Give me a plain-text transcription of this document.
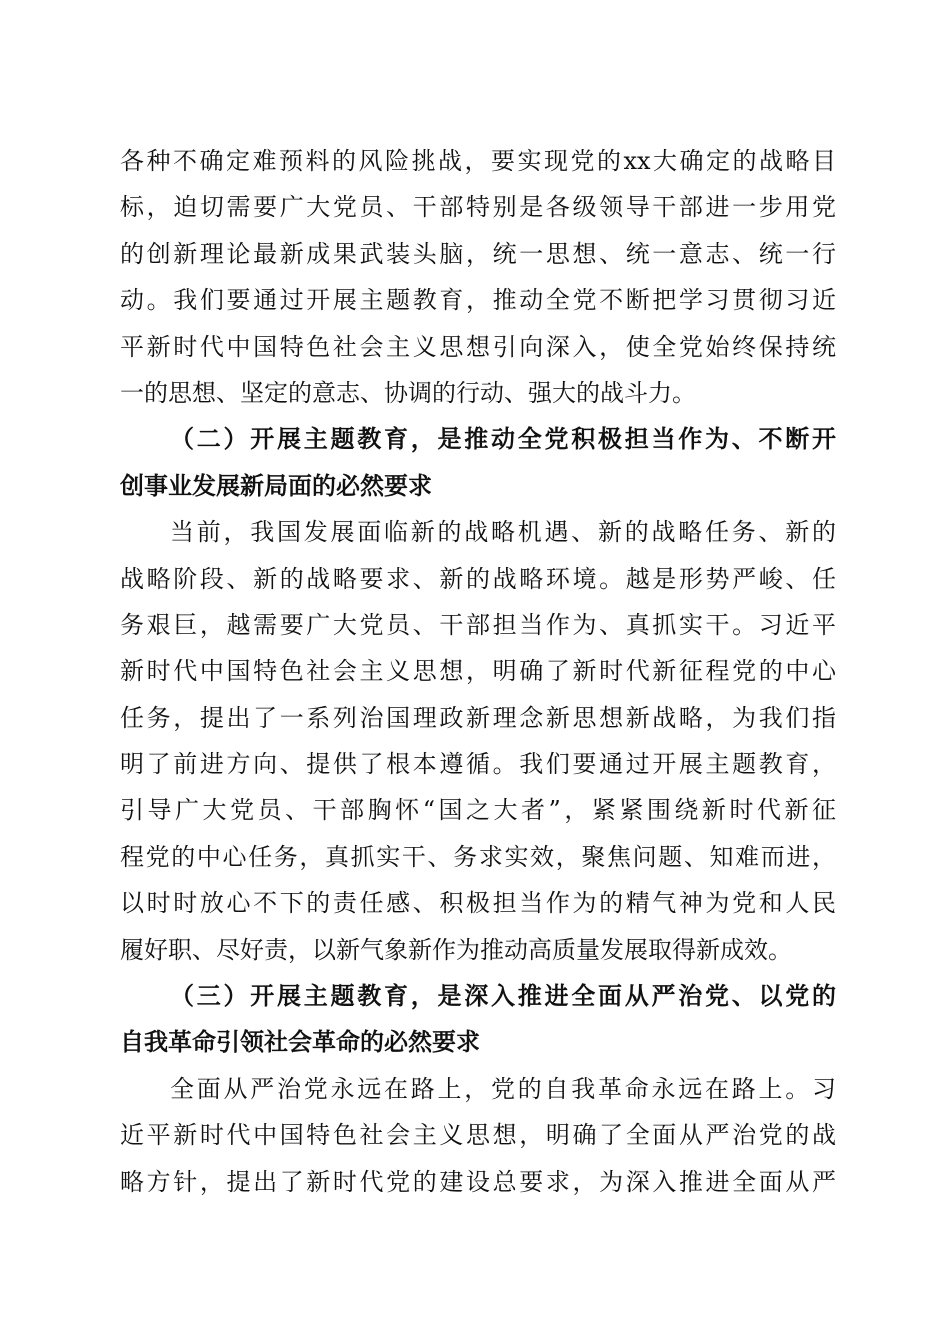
各种不确定难预料的风险挑战，要实现党的xx大确定的战略目
标，迫切需要广大党员、干部特别是各级领导干部进一步用党
的创新理论最新成果武装头脑，统一思想、统一意志、统一行
动。我们要通过开展主题教育，推动全党不断把学习贯彻习近
平新时代中国特色社会主义思想引向深入，使全党始终保持统
一的思想、坚定的意志、协调的行动、强大的战斗力。
（二）开展主题教育，是推动全党积极担当作为、不断开
创事业发展新局面的必然要求
当前，我国发展面临新的战略机遇、新的战略任务、新的
战略阶段、新的战略要求、新的战略环境。越是形势严峻、任
务艰巨，越需要广大党员、干部担当作为、真抓实干。习近平
新时代中国特色社会主义思想，明确了新时代新征程党的中心
任务，提出了一系列治国理政新理念新思想新战略，为我们指
明了前进方向、提供了根本遵循。我们要通过开展主题教育，
引导广大党员、干部胸怀“国之大者”，紧紧围绕新时代新征
程党的中心任务，真抓实干、务求实效，聚焦问题、知难而进，
以时时放心不下的责任感、积极担当作为的精气神为党和人民
履好职、尽好责，以新气象新作为推动高质量发展取得新成效。
（三）开展主题教育，是深入推进全面从严治党、以党的
自我革命引领社会革命的必然要求
全面从严治党永远在路上，党的自我革命永远在路上。习
近平新时代中国特色社会主义思想，明确了全面从严治党的战
略方针，提出了新时代党的建设总要求，为深入推进全面从严
